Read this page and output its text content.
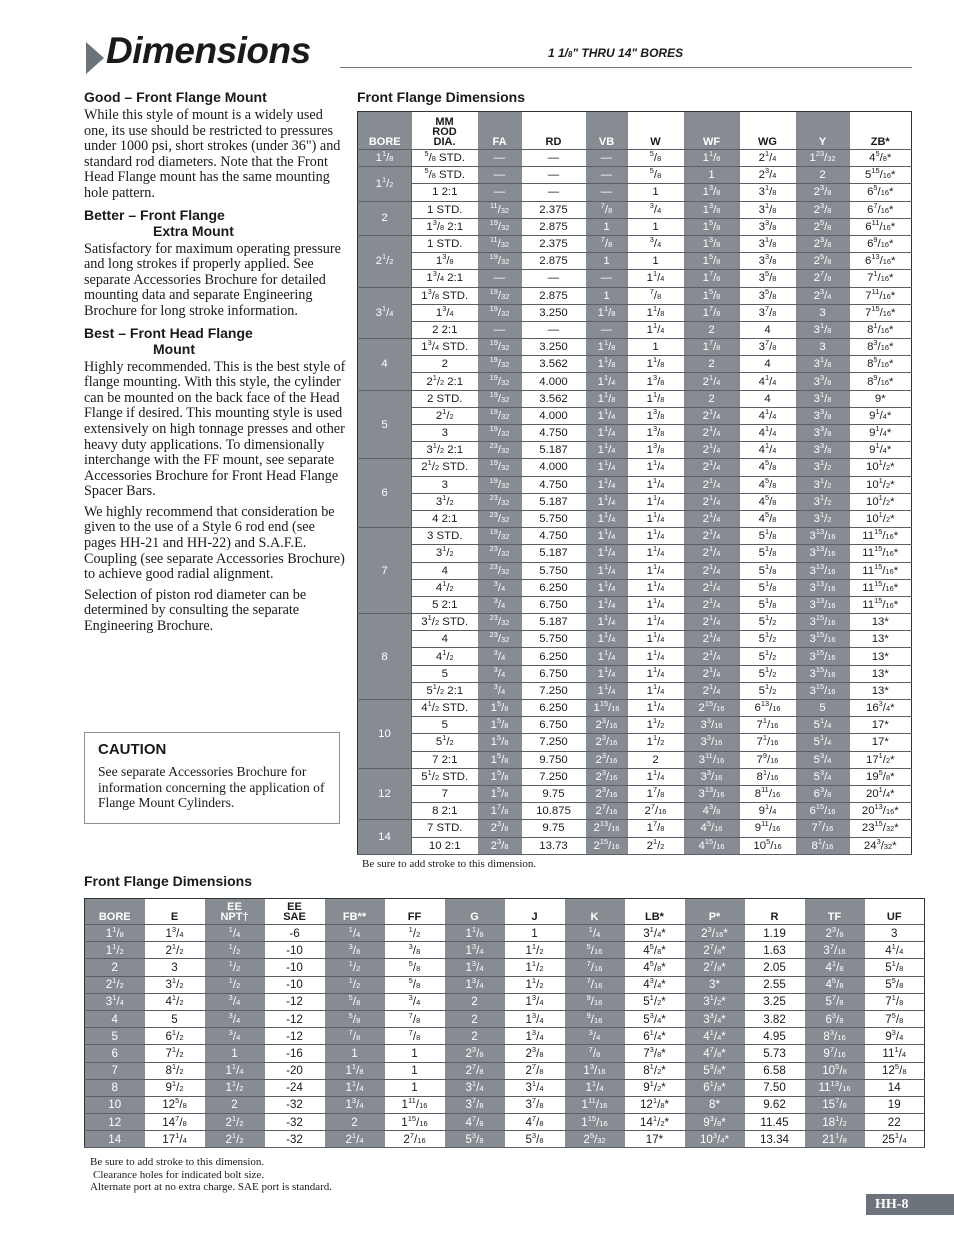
Dimensions	1 1/8" THRU 14" BORES
Good – Front Flange Mount

While this style of mount is a widely used one, its use should be restricted to pressures under 1000 psi, short strokes (under 36") and standard rod diameters. Note that the Front Head Flange mount has the same mounting hole pattern.

Better – Front Flange
Extra Mount

Satisfactory for maximum operating pressure and long strokes if properly applied. See separate Accessories Brochure for detailed mounting data and separate Engineering Brochure for long stroke information.

Best – Front Head Flange
Mount

Highly recommended. This is the best style of flange mounting. With this style, the cylinder can be mounted on the back face of the Head Flange if desired. This mounting style is used extensively on high tonnage presses and other heavy duty applications. To dimensionally interchange with the FF mount, see separate Accessories Brochure for Front Head Flange Spacer Bars.

We highly recommend that consideration be given to the use of a Style 6 rod end (see pages HH-21 and HH-22) and S.A.F.E. Coupling (see separate Accessories Brochure) to achieve good radial alignment.

Selection of piston rod diameter can be determined by consulting the separate Engineering Brochure.

CAUTION
See separate Accessories Brochure for information concerning the application of Flange Mount Cylinders.
Front Flange Dimensions
BORE	MM
ROD
DIA.	FA	RD	VB	W	WF	WG	Y	ZB*
$1^1/8$	$^5$/8 STD.	—	—	—	$^5$/8	$1^1/8$	$2^1/4$	$1^{23}/32$	$4^5/8*$
$1^1/2$	$^5$/8 STD.	—	—	—	$^5$/8	1	$2^3/4$	2	$5^{15}/16*$
	1 2:1	—	—	—	1	$1^3/8$	$3^1/8$	$2^3/8$	$6^5/16*$
2	1 STD.	$^{11}$/32	2.375	$^7$/8	$^3$/4	$1^3/8$	$3^1/8$	$2^3/8$	$6^7/16*$
	$1^3/8$ 2:1	$^{19}$/32	2.875	1	1	$1^5/8$	$3^3/8$	$2^5/8$	$6^{11}/16*$
$2^1/2$	1 STD.	$^{11}$/32	2.375	$^7$/8	$^3$/4	$1^3/8$	$3^1/8$	$2^3/8$	$6^9/16*$
	$1^3/8$	$^{19}$/32	2.875	1	1	$1^5/8$	$3^3/8$	$2^5/8$	$6^{13}/16*$
	$1^3/4$ 2:1	—	—	—	$1^1/4$	$1^7/8$	$3^5/8$	$2^7/8$	$7^1/16*$
$3^1/4$	$1^3/8$ STD.	$^{19}$/32	2.875	1	$^7$/8	$1^5/8$	$3^5/8$	$2^3/4$	$7^{11}/16*$
	$1^3/4$	$^{19}$/32	3.250	$1^1/8$	$1^1/8$	$1^7/8$	$3^7/8$	3	$7^{15}/16*$
	2 2:1	—	—	—	$1^1/4$	2	4	$3^1/8$	$8^1/16*$
4	$1^3/4$ STD.	$^{19}$/32	3.250	$1^1/8$	1	$1^7/8$	$3^7/8$	3	$8^3/16*$
	2	$^{19}$/32	3.562	$1^1/8$	$1^1/8$	2	4	$3^1/8$	$8^5/16*$
	$2^1/2$ 2:1	$^{19}$/32	4.000	$1^1/4$	$1^3/8$	$2^1/4$	$4^1/4$	$3^3/8$	$8^9/16*$
5	2 STD.	$^{19}$/32	3.562	$1^1/8$	$1^1/8$	2	4	$3^1/8$	9*
	$2^1/2$	$^{19}$/32	4.000	$1^1/4$	$1^3/8$	$2^1/4$	$4^1/4$	$3^3/8$	$9^1/4*$
	3	$^{19}$/32	4.750	$1^1/4$	$1^3/8$	$2^1/4$	$4^1/4$	$3^3/8$	$9^1/4*$
	$3^1/2$ 2:1	$^{23}$/32	5.187	$1^1/4$	$1^3/8$	$2^1/4$	$4^1/4$	$3^3/8$	$9^1/4*$
6	$2^1/2$ STD.	$^{19}$/32	4.000	$1^1/4$	$1^1/4$	$2^1/4$	$4^5/8$	$3^1/2$	$10^1/2*$
	3	$^{19}$/32	4.750	$1^1/4$	$1^1/4$	$2^1/4$	$4^5/8$	$3^1/2$	$10^1/2*$
	$3^1/2$	$^{23}$/32	5.187	$1^1/4$	$1^1/4$	$2^1/4$	$4^5/8$	$3^1/2$	$10^1/2*$
	4 2:1	$^{23}$/32	5.750	$1^1/4$	$1^1/4$	$2^1/4$	$4^5/8$	$3^1/2$	$10^1/2*$
7	3 STD.	$^{19}$/32	4.750	$1^1/4$	$1^1/4$	$2^1/4$	$5^1/8$	$3^{13}/16$	$11^{15}/16*$
	$3^1/2$	$^{23}$/32	5.187	$1^1/4$	$1^1/4$	$2^1/4$	$5^1/8$	$3^{13}/16$	$11^{15}/16*$
	4	$^{23}$/32	5.750	$1^1/4$	$1^1/4$	$2^1/4$	$5^1/8$	$3^{13}/16$	$11^{15}/16*$
	$4^1/2$	$^3$/4	6.250	$1^1/4$	$1^1/4$	$2^1/4$	$5^1/8$	$3^{13}/16$	$11^{15}/16*$
	5 2:1	$^3$/4	6.750	$1^1/4$	$1^1/4$	$2^1/4$	$5^1/8$	$3^{13}/16$	$11^{15}/16*$
8	$3^1/2$ STD.	$^{23}$/32	5.187	$1^1/4$	$1^1/4$	$2^1/4$	$5^1/2$	$3^{15}/16$	13*
	4	$^{23}$/32	5.750	$1^1/4$	$1^1/4$	$2^1/4$	$5^1/2$	$3^{15}/16$	13*
	$4^1/2$	$^3$/4	6.250	$1^1/4$	$1^1/4$	$2^1/4$	$5^1/2$	$3^{15}/16$	13*
	5	$^3$/4	6.750	$1^1/4$	$1^1/4$	$2^1/4$	$5^1/2$	$3^{15}/16$	13*
	$5^1/2$ 2:1	$^3$/4	7.250	$1^1/4$	$1^1/4$	$2^1/4$	$5^1/2$	$3^{15}/16$	13*
10	$4^1/2$ STD.	$1^5/8$	6.250	$1^{15}/16$	$1^1/4$	$2^{15}/16$	$6^{13}/16$	5	$16^3/4*$
	5	$1^5/8$	6.750	$2^3/16$	$1^1/2$	$3^3/16$	$7^1/16$	$5^1/4$	17*
	$5^1/2$	$1^5/8$	7.250	$2^3/16$	$1^1/2$	$3^3/16$	$7^1/16$	$5^1/4$	17*
	7 2:1	$1^5/8$	9.750	$2^3/16$	2	$3^{11}/16$	$7^9/16$	$5^3/4$	$17^1/2*$
12	$5^1/2$ STD.	$1^5/8$	7.250	$2^3/16$	$1^1/4$	$3^3/16$	$8^1/16$	$5^3/4$	$19^5/8*$
	7	$1^5/8$	9.75	$2^3/16$	$1^7/8$	$3^{13}/16$	$8^{11}/16$	$6^3/8$	$20^1/4*$
	8 2:1	$1^7/8$	10.875	$2^7/16$	$2^7/16$	$4^3/8$	$9^1/4$	$6^{15}/16$	$20^{13}/16*$
14	7 STD.	$2^3/8$	9.75	$2^{13}/16$	$1^7/8$	$4^5/16$	$9^{11}/16$	$7^7/16$	$23^{15}/32*$
	10 2:1	$2^3/8$	13.73	$2^{15}/16$	$2^1/2$	$4^{15}/16$	$10^5/16$	$8^1/16$	$24^3/32*$
Be sure to add stroke to this dimension.
Front Flange Dimensions
BORE	E	EE
NPT†	EE
SAE	FB**	FF	G	J	K	LB*	P*	R	TF	UF
$1^1/8$	$1^3/4$	$^1$/4	-6	$^1$/4	$^1$/2	$1^1/8$	1	$^1$/4	$3^1/4*$	$2^3/16*$	1.19	$2^3/8$	3
$1^1/2$	$2^1/2$	$^1$/2	-10	$^3$/8	$^3$/8	$1^3/4$	$1^1/2$	$^5$/16	$4^5/8*$	$2^7/8*$	1.63	$3^7/16$	$4^1/4$
2	3	$^1$/2	-10	$^1$/2	$^5$/8	$1^3/4$	$1^1/2$	$^7$/16	$4^5/8*$	$2^7/8*$	2.05	$4^1/8$	$5^1/8$
$2^1/2$	$3^1/2$	$^1$/2	-10	$^1$/2	$^5$/8	$1^3/4$	$1^1/2$	$^7$/16	$4^3/4*$	3*	2.55	$4^5/8$	$5^5/8$
$3^1/4$	$4^1/2$	$^3$/4	-12	$^5$/8	$^3$/4	2	$1^3/4$	$^9$/16	$5^1/2*$	$3^1/2*$	3.25	$5^7/8$	$7^1/8$
4	5	$^3$/4	-12	$^5$/8	$^7$/8	2	$1^3/4$	$^9$/16	$5^3/4*$	$3^3/4*$	3.82	$6^3/8$	$7^5/8$
5	$6^1/2$	$^3$/4	-12	$^7$/8	$^7$/8	2	$1^3/4$	$^3$/4	$6^1/4*$	$4^1/4*$	4.95	$8^3/16$	$9^3/4$
6	$7^1/2$	1	-16	1	1	$2^3/8$	$2^3/8$	$^7$/8	$7^3/8*$	$4^7/8*$	5.73	$9^7/16$	$11^1/4$
7	$8^1/2$	$1^1/4$	-20	$1^1/8$	1	$2^7/8$	$2^7/8$	$1^3/16$	$8^1/2*$	$5^3/8*$	6.58	$10^5/8$	$12^5/8$
8	$9^1/2$	$1^1/2$	-24	$1^1/4$	1	$3^1/4$	$3^1/4$	$1^1/4$	$9^1/2*$	$6^1/8*$	7.50	$11^{13}/16$	14
10	$12^5/8$	2	-32	$1^3/4$	$1^{11}/16$	$3^7/8$	$3^7/8$	$1^{11}/16$	$12^1/8*$	8*	9.62	$15^7/8$	19
12	$14^7/8$	$2^1/2$	-32	2	$1^{15}/16$	$4^7/8$	$4^7/8$	$1^{15}/16$	$14^1/2*$	$9^3/8*$	11.45	$18^1/2$	22
14	$17^1/4$	$2^1/2$	-32	$2^1/4$	$2^7/16$	$5^3/8$	$5^3/8$	$2^5/32$	17*	$10^3/4*$	13.34	$21^1/8$	$25^1/4$
Be sure to add stroke to this dimension.
Clearance holes for indicated bolt size.
Alternate port at no extra charge. SAE port is standard.
HH-8
